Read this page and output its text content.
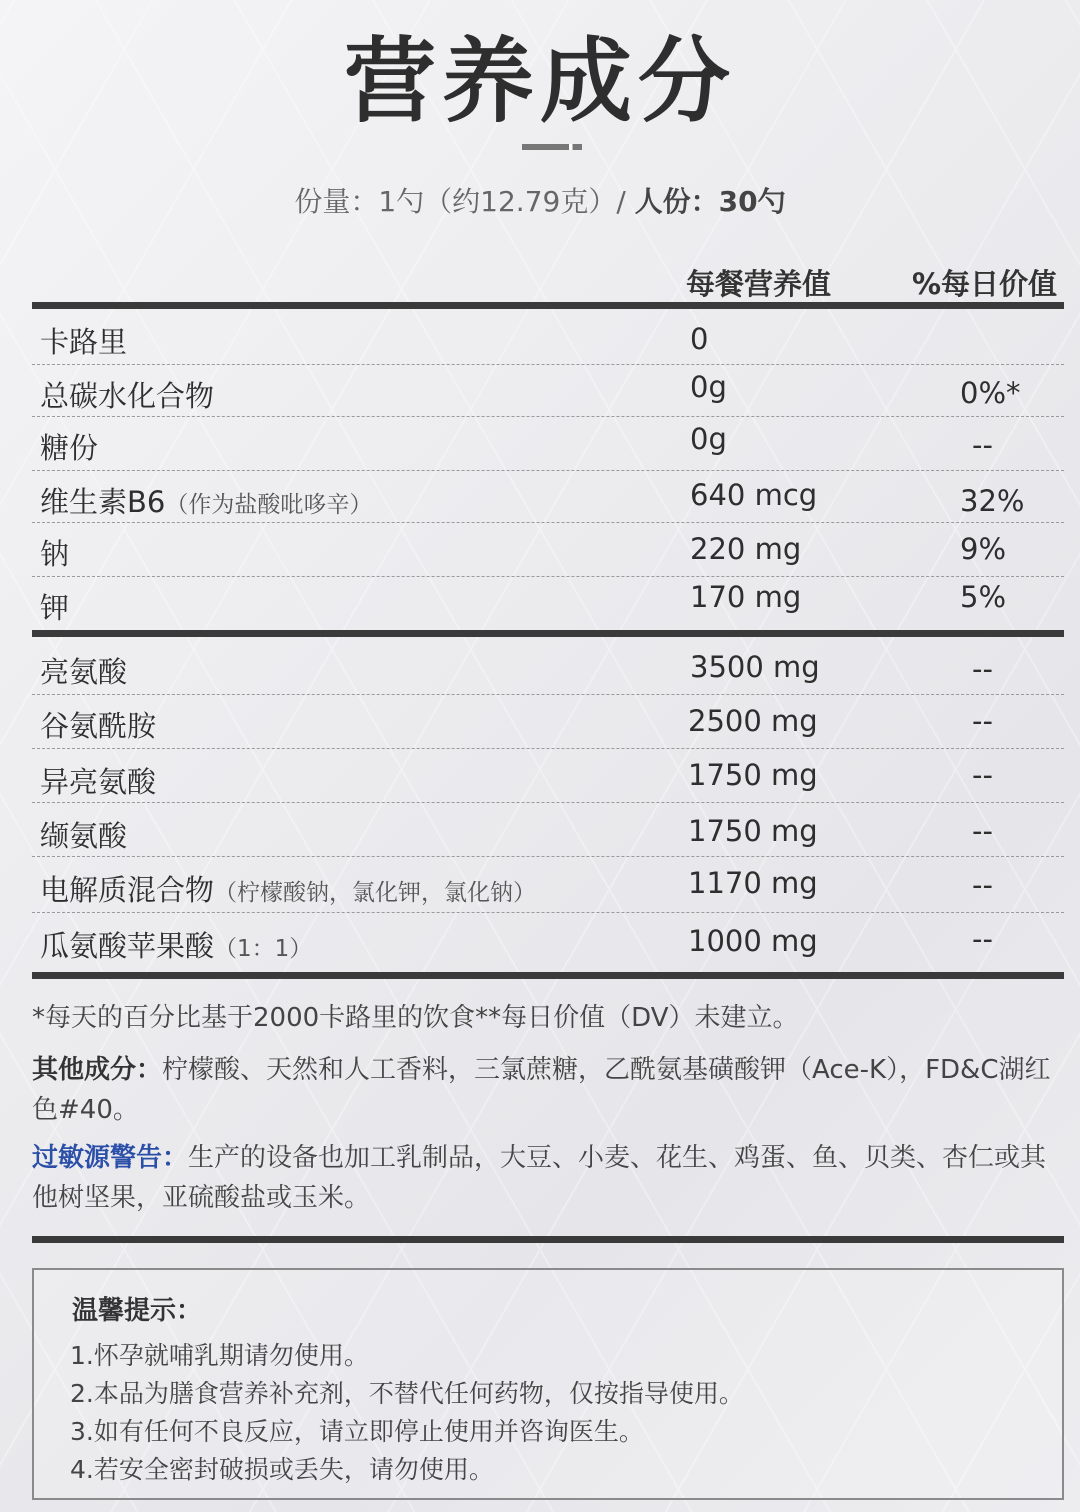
营养成分
份量：1勺（约12.79克）/ 人份：30勺
每餐营养值	%每日价值
卡路里	0
总碳水化合物	0g	0%*
糖份	0g	--
维生素B6（作为盐酸吡哆辛）	640 mcg	32%
钠	220 mg	9%
钾	170 mg	5%
亮氨酸	3500 mg	--
谷氨酰胺	2500 mg	--
异亮氨酸	1750 mg	--
缬氨酸	1750 mg	--
电解质混合物（柠檬酸钠，氯化钾，氯化钠）	1170 mg	--
瓜氨酸苹果酸（1：1）	1000 mg	--
*每天的百分比基于2000卡路里的饮食**每日价值（DV）未建立。
其他成分：柠檬酸、天然和人工香料，三氯蔗糖，乙酰氨基磺酸钾（Ace-K），FD&C湖红色#40。
过敏源警告：生产的设备也加工乳制品，大豆、小麦、花生、鸡蛋、鱼、贝类、杏仁或其他树坚果，亚硫酸盐或玉米。
温馨提示：
1.怀孕就哺乳期请勿使用。
2.本品为膳食营养补充剂，不替代任何药物，仅按指导使用。
3.如有任何不良反应，请立即停止使用并咨询医生。
4.若安全密封破损或丢失，请勿使用。
